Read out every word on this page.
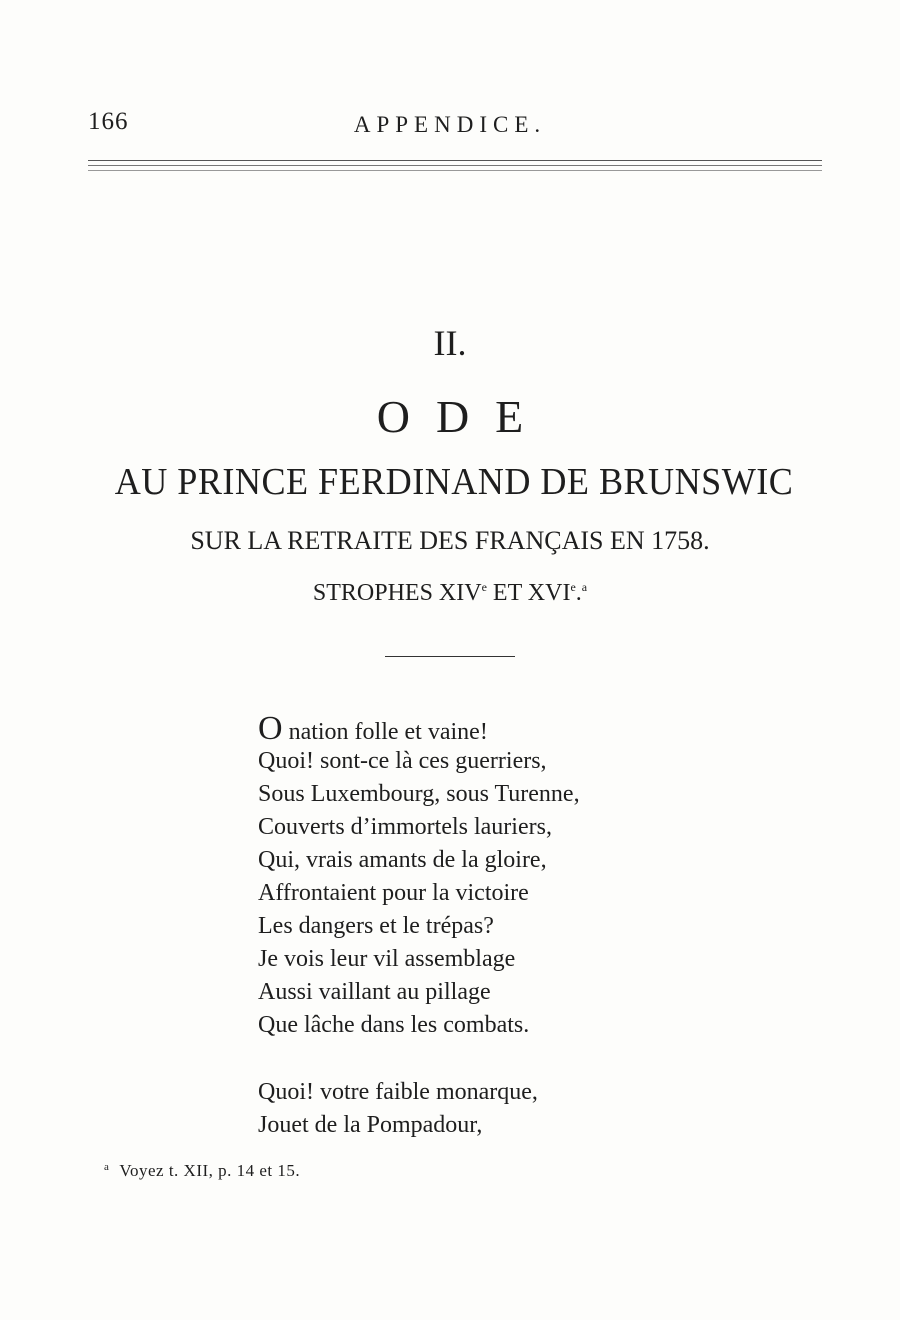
166	APPENDICE.
II.
ODE
AU PRINCE FERDINAND DE BRUNSWIC
SUR LA RETRAITE DES FRANÇAIS EN 1758.
STROPHES XIVe ET XVIe.$^a$
O nation folle et vaine!
Quoi! sont-ce là ces guerriers,
Sous Luxembourg, sous Turenne,
Couverts d’immortels lauriers,
Qui, vrais amants de la gloire,
Affrontaient pour la victoire
Les dangers et le trépas?
Je vois leur vil assemblage
Aussi vaillant au pillage
Que lâche dans les combats.
Quoi! votre faible monarque,
Jouet de la Pompadour,
$^a$ Voyez t. XII, p. 14 et 15.
